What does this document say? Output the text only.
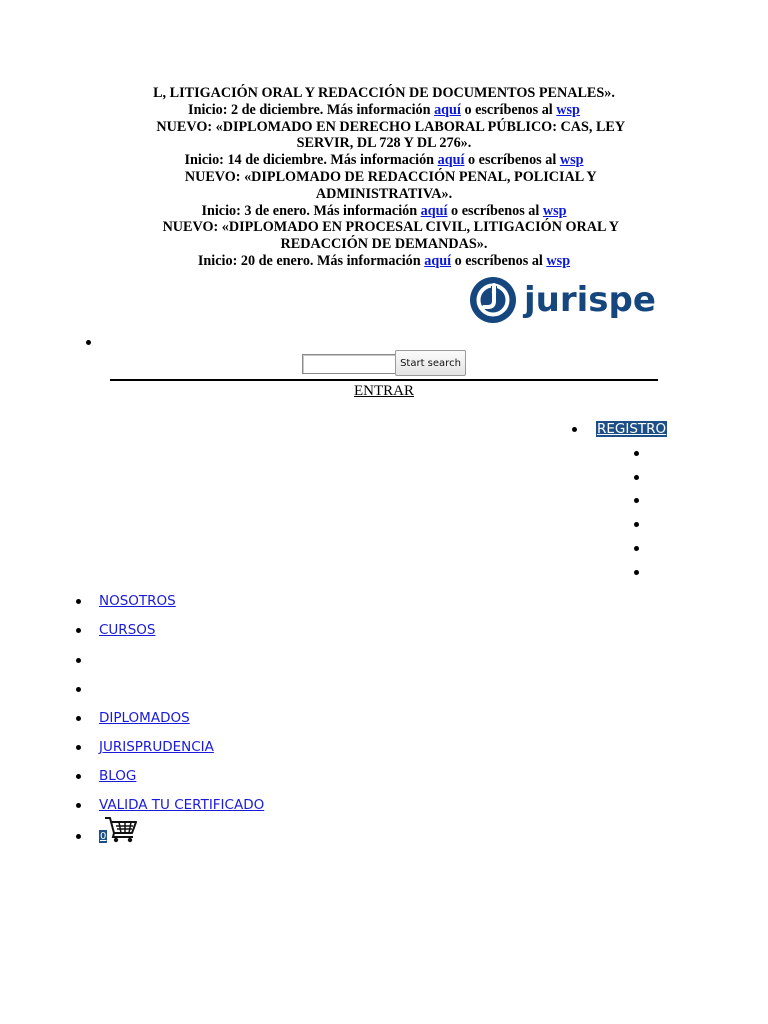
L, LITIGACIÓN ORAL Y REDACCIÓN DE DOCUMENTOS PENALES».
Inicio: 2 de diciembre. Más información aquí o escríbenos al wsp
NUEVO: «DIPLOMADO EN DERECHO LABORAL PÚBLICO: CAS, LEY
SERVIR, DL 728 Y DL 276».
Inicio: 14 de diciembre. Más información aquí o escríbenos al wsp
NUEVO: «DIPLOMADO DE REDACCIÓN PENAL, POLICIAL Y
ADMINISTRATIVA».
Inicio: 3 de enero. Más información aquí o escríbenos al wsp
NUEVO: «DIPLOMADO EN PROCESAL CIVIL, LITIGACIÓN ORAL Y
REDACCIÓN DE DEMANDAS».
Inicio: 20 de enero. Más información aquí o escríbenos al wsp
jurispe
Start search
ENTRAR
REGISTRO
NOSOTROS
CURSOS
DIPLOMADOS
JURISPRUDENCIA
BLOG
VALIDA TU CERTIFICADO
0
